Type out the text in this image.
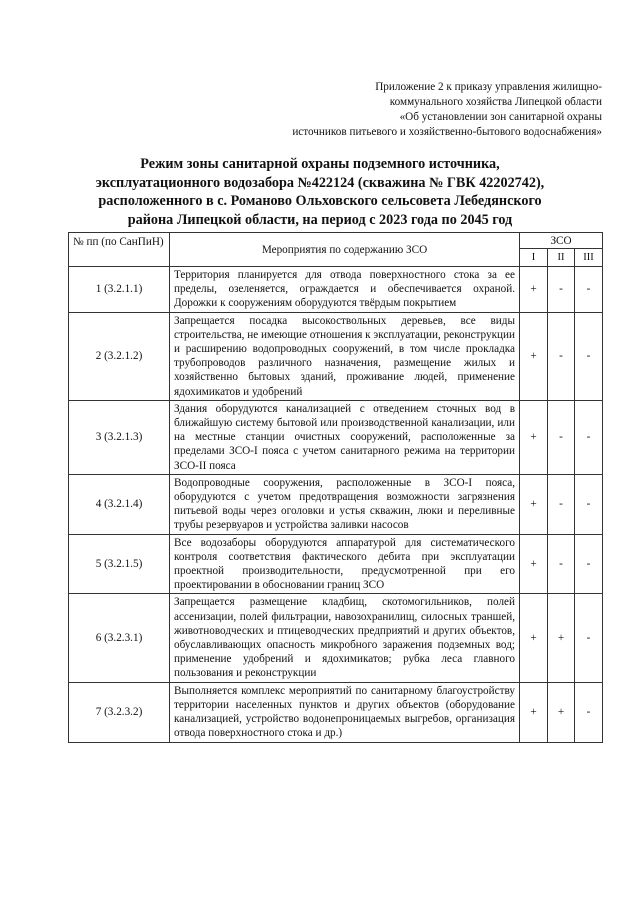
Приложение 2 к приказу управления жилищно-
коммунального хозяйства Липецкой области
«Об установлении зон санитарной охраны
источников питьевого и хозяйственно-бытового водоснабжения»
Режим зоны санитарной охраны подземного источника,
эксплуатационного водозабора №422124 (скважина № ГВК 42202742),
расположенного в с. Романово Ольховского сельсовета Лебедянского
района Липецкой области, на период с 2023 года по 2045 год
№ пп (по СанПиН)	Мероприятия по содержанию ЗСО	ЗСО		
		I	II	III
1 (3.2.1.1)	Территория планируется для отвода поверхностного стока за ее пределы, озеленяется, ограждается и обеспечивается охраной. Дорожки к сооружениям оборудуются твёрдым покрытием	+	-	-
2 (3.2.1.2)	Запрещается посадка высокоствольных деревьев, все виды строительства, не имеющие отношения к эксплуатации, реконструкции и расширению водопроводных сооружений, в том числе прокладка трубопроводов различного назначения, размещение жилых и хозяйственно бытовых зданий, проживание людей, применение ядохимикатов и удобрений	+	-	-
3 (3.2.1.3)	Здания оборудуются канализацией с отведением сточных вод в ближайшую систему бытовой или производственной канализации, или на местные станции очистных сооружений, расположенные за пределами ЗСО-I пояса с учетом санитарного режима на территории ЗСО-II пояса	+	-	-
4 (3.2.1.4)	Водопроводные сооружения, расположенные в ЗСО-I пояса, оборудуются с учетом предотвращения возможности загрязнения питьевой воды через оголовки и устья скважин, люки и переливные трубы резервуаров и устройства заливки насосов	+	-	-
5 (3.2.1.5)	Все водозаборы оборудуются аппаратурой для систематического контроля соответствия фактического дебита при эксплуатации проектной производительности, предусмотренной при его проектировании в обосновании границ ЗСО	+	-	-
6 (3.2.3.1)	Запрещается размещение кладбищ, скотомогильников, полей ассенизации, полей фильтрации, навозохранилищ, силосных траншей, животноводческих и птицеводческих предприятий и других объектов, обуславливающих опасность микробного заражения подземных вод; применение удобрений и ядохимикатов; рубка леса главного пользования и реконструкции	+	+	-
7 (3.2.3.2)	Выполняется комплекс мероприятий по санитарному благоустройству территории населенных пунктов и других объектов (оборудование канализацией, устройство водонепроницаемых выгребов, организация отвода поверхностного стока и др.)	+	+	-
